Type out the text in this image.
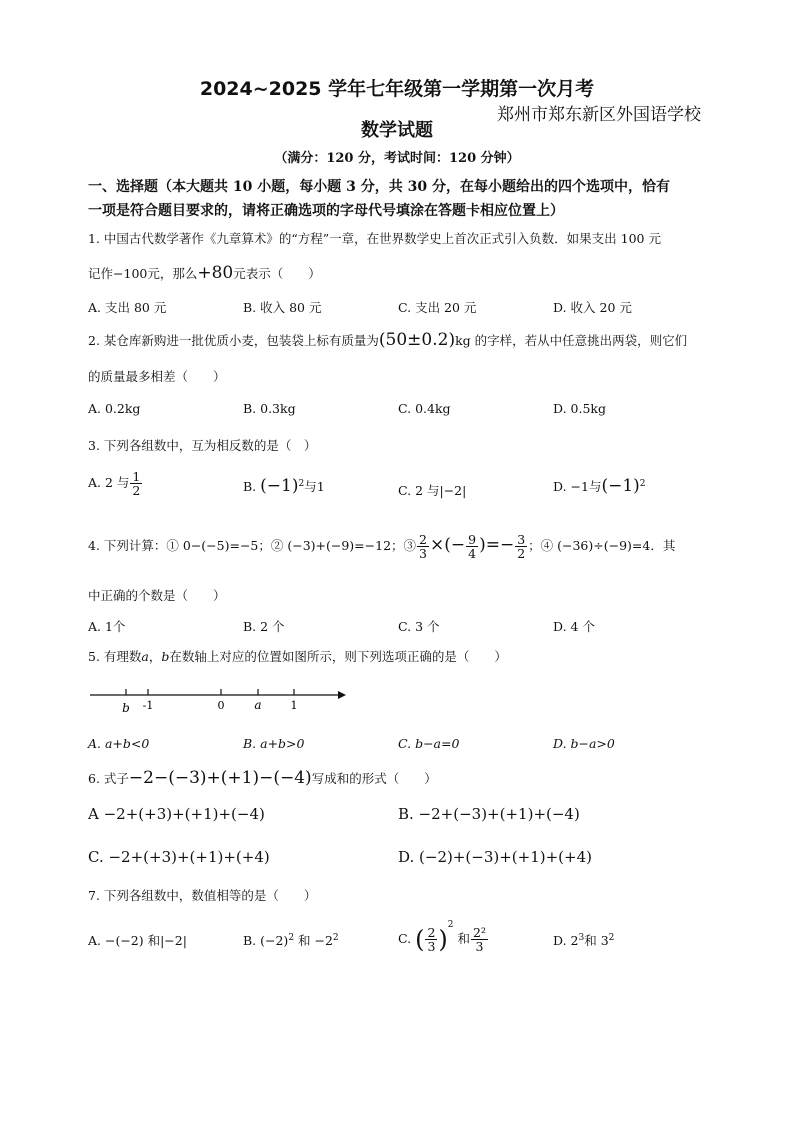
2024~2025 学年七年级第一学期第一次月考
郑州市郑东新区外国语学校
数学试题
（满分：120 分，考试时间：120 分钟）
一、选择题（本大题共 10 小题，每小题 3 分，共 30 分，在每小题给出的四个选项中，恰有
一项是符合题目要求的，请将正确选项的字母代号填涂在答题卡相应位置上）
1. 中国古代数学著作《九章算术》的“方程”一章，在世界数学史上首次正式引入负数．如果支出 100 元
记作−100元，那么+80元表示（　　）
A. 支出 80 元	B. 收入 80 元	C. 支出 20 元	D. 收入 20 元
2. 某仓库新购进一批优质小麦，包装袋上标有质量为(50±0.2)kg 的字样，若从中任意挑出两袋，则它们
的质量最多相差（　　）
A. 0.2kg	B. 0.3kg	C. 0.4kg	D. 0.5kg
3. 下列各组数中，互为相反数的是（　）
A. 2 与 $\frac{1}{2}$	B. $(-1)^2$与1	C. 2 与|−2|	D. −1与$(-1)^2$
4. 下列计算：① 0−(−5)=−5；② (−3)+(−9)=−12；③ $\frac{2}{3}$ ×(− $\frac{9}{4}$ )=− $\frac{3}{2}$ ；④ (−36)÷(−9)=4．其
中正确的个数是（　　）
A. 1个	B. 2 个	C. 3 个	D. 4 个
5. 有理数a，b在数轴上对应的位置如图所示，则下列选项正确的是（　　）
b -1	0 a	1
A. a+b<0	B. a+b>0	C. b−a=0	D. b−a>0
6. 式子−2−(−3)+(+1)−(−4)写成和的形式（　　）
A −2+(+3)+(+1)+(−4)	B. −2+(−3)+(+1)+(−4)
C. −2+(+3)+(+1)+(+4)	D. (−2)+(−3)+(+1)+(+4)
7. 下列各组数中，数值相等的是（　　）
A. −(−2) 和|−2|	B. $(-2)^2$ 和 $-2^2$	C. ( $\frac{2}{3} )^2$ 和 $\frac{\text{2²}}{3}$	D. $2^3$和 $3^2$
